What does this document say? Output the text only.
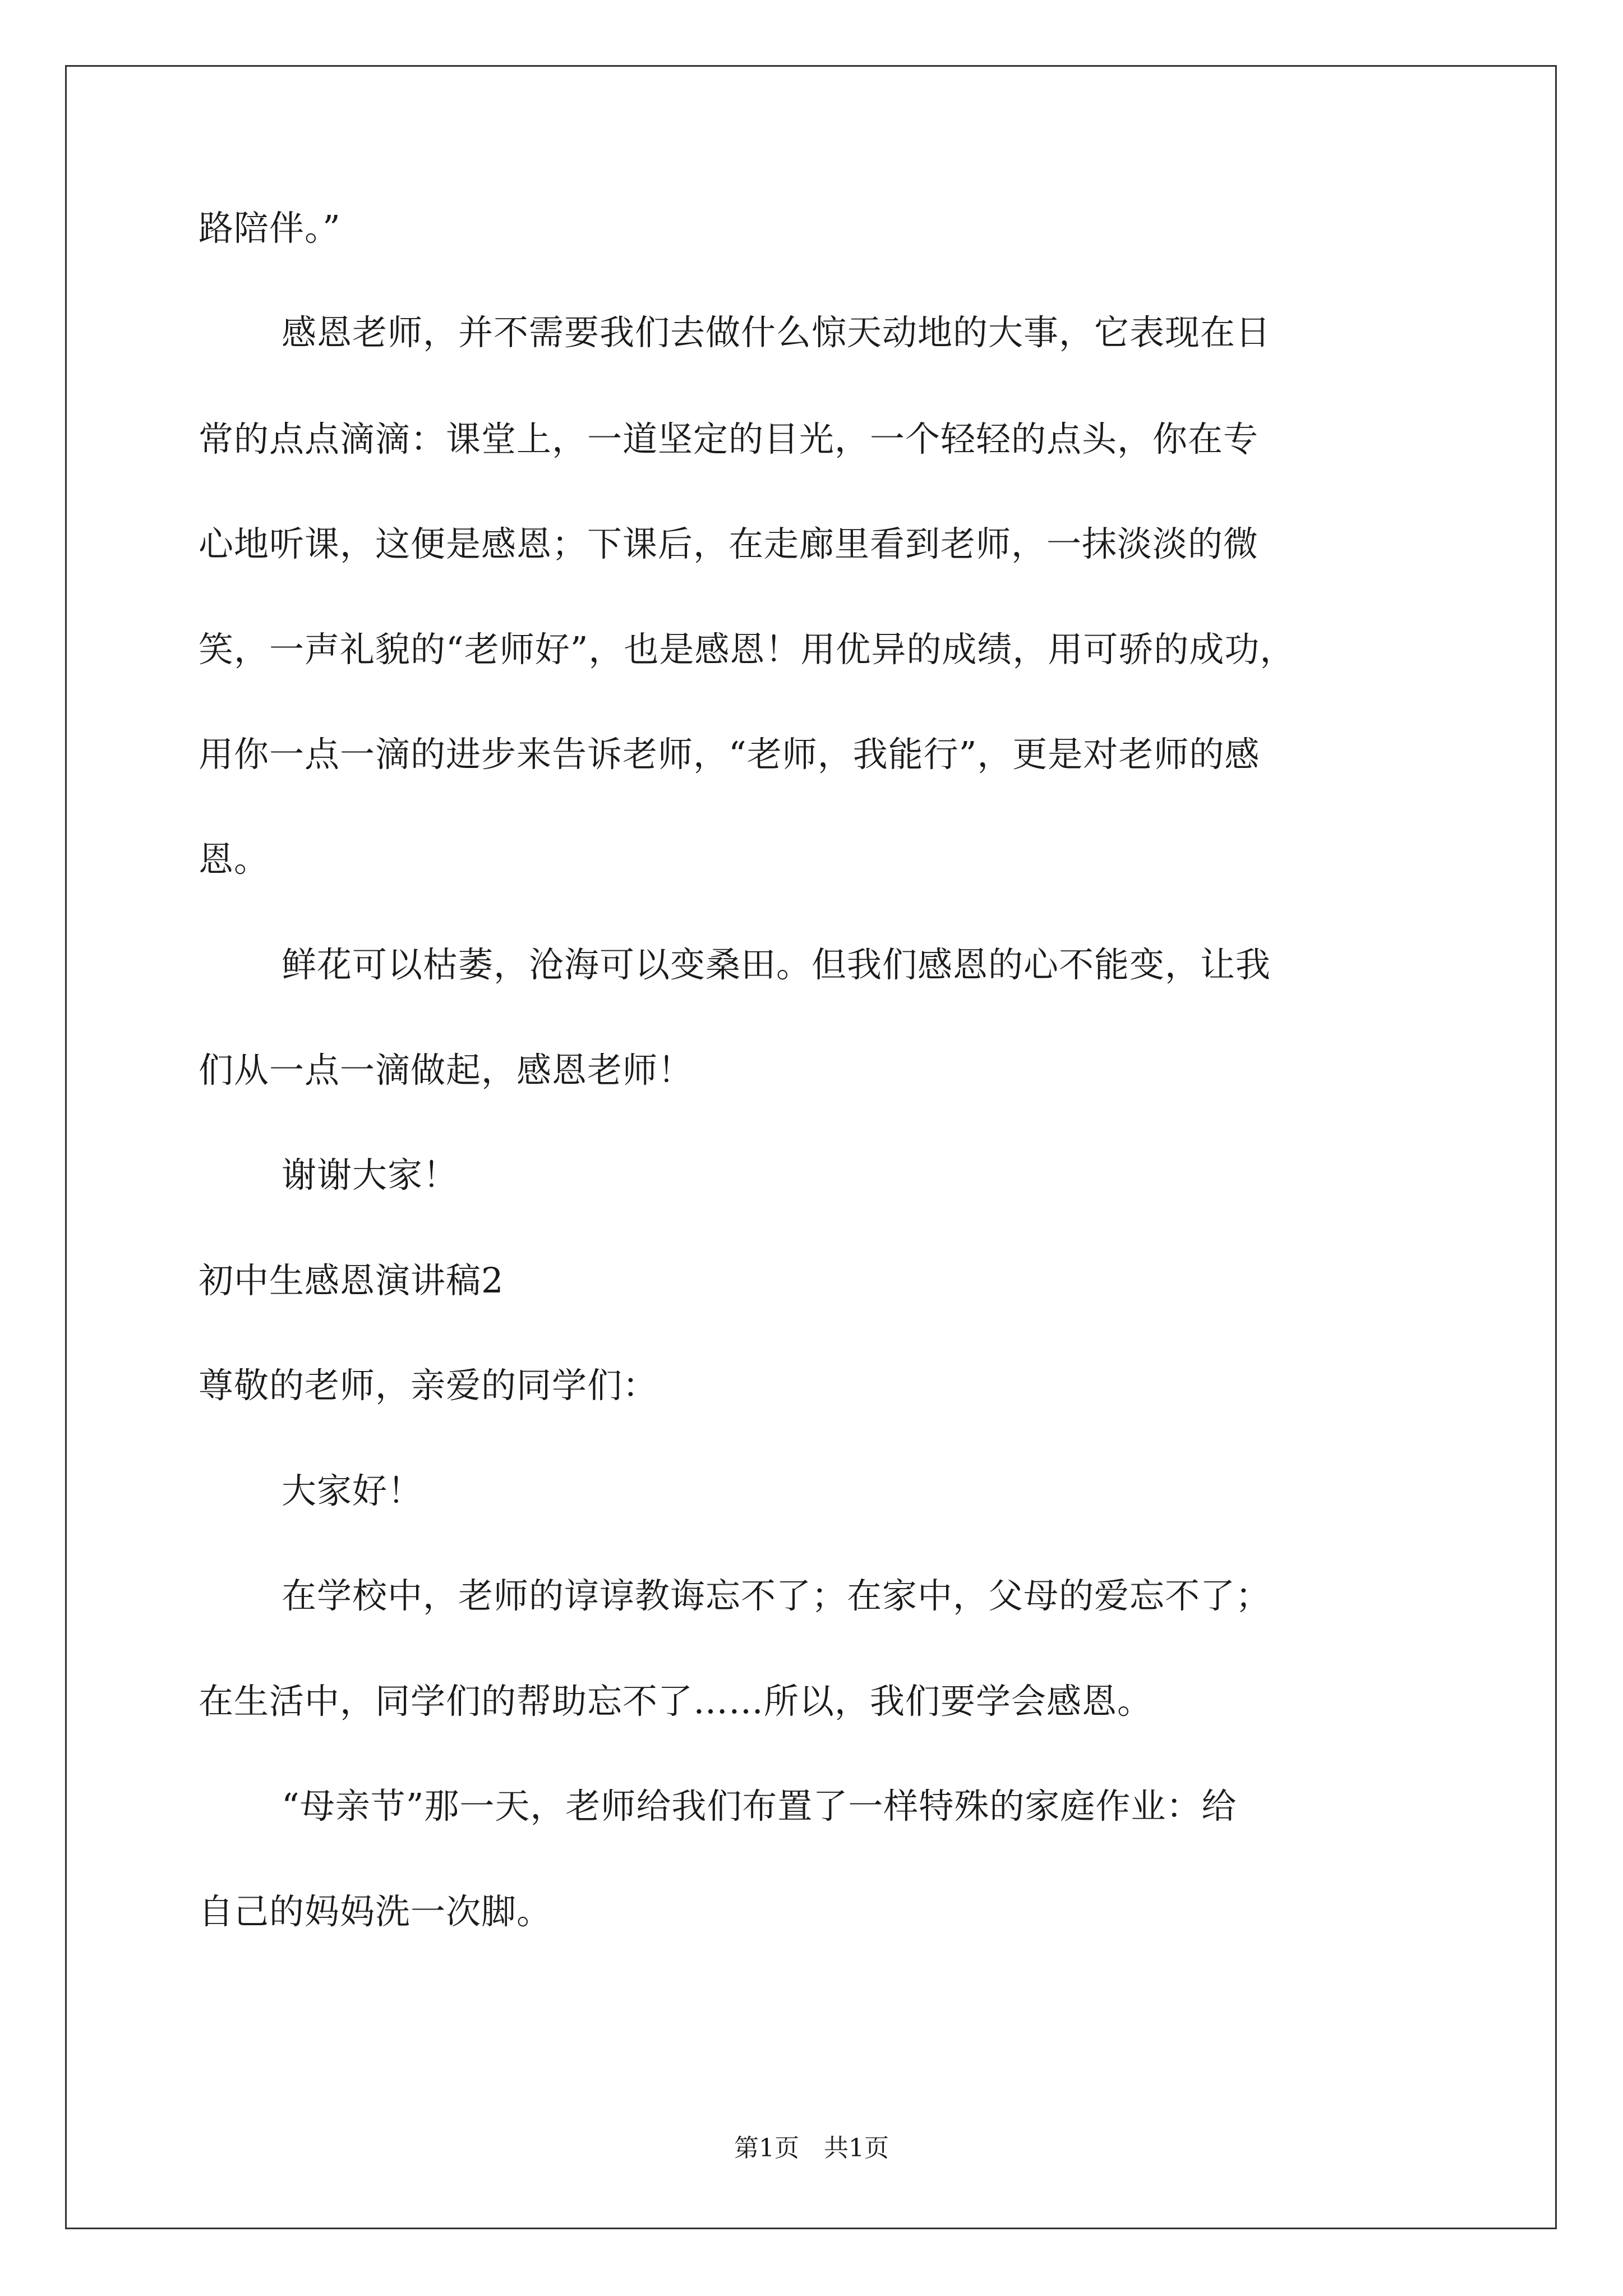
路陪伴。”
感恩老师，并不需要我们去做什么惊天动地的大事，它表现在日
常的点点滴滴：课堂上，一道坚定的目光，一个轻轻的点头，你在专
心地听课，这便是感恩；下课后，在走廊里看到老师，一抹淡淡的微
笑，一声礼貌的“老师好”，也是感恩！用优异的成绩，用可骄的成功，
用你一点一滴的进步来告诉老师，“老师，我能行”，更是对老师的感
恩。
鲜花可以枯萎，沧海可以变桑田。但我们感恩的心不能变，让我
们从一点一滴做起，感恩老师！
谢谢大家！
初中生感恩演讲稿2
尊敬的老师，亲爱的同学们：
大家好！
在学校中，老师的谆谆教诲忘不了；在家中，父母的爱忘不了；
在生活中，同学们的帮助忘不了……所以，我们要学会感恩。
“母亲节”那一天，老师给我们布置了一样特殊的家庭作业：给
自己的妈妈洗一次脚。
第1页　共1页
